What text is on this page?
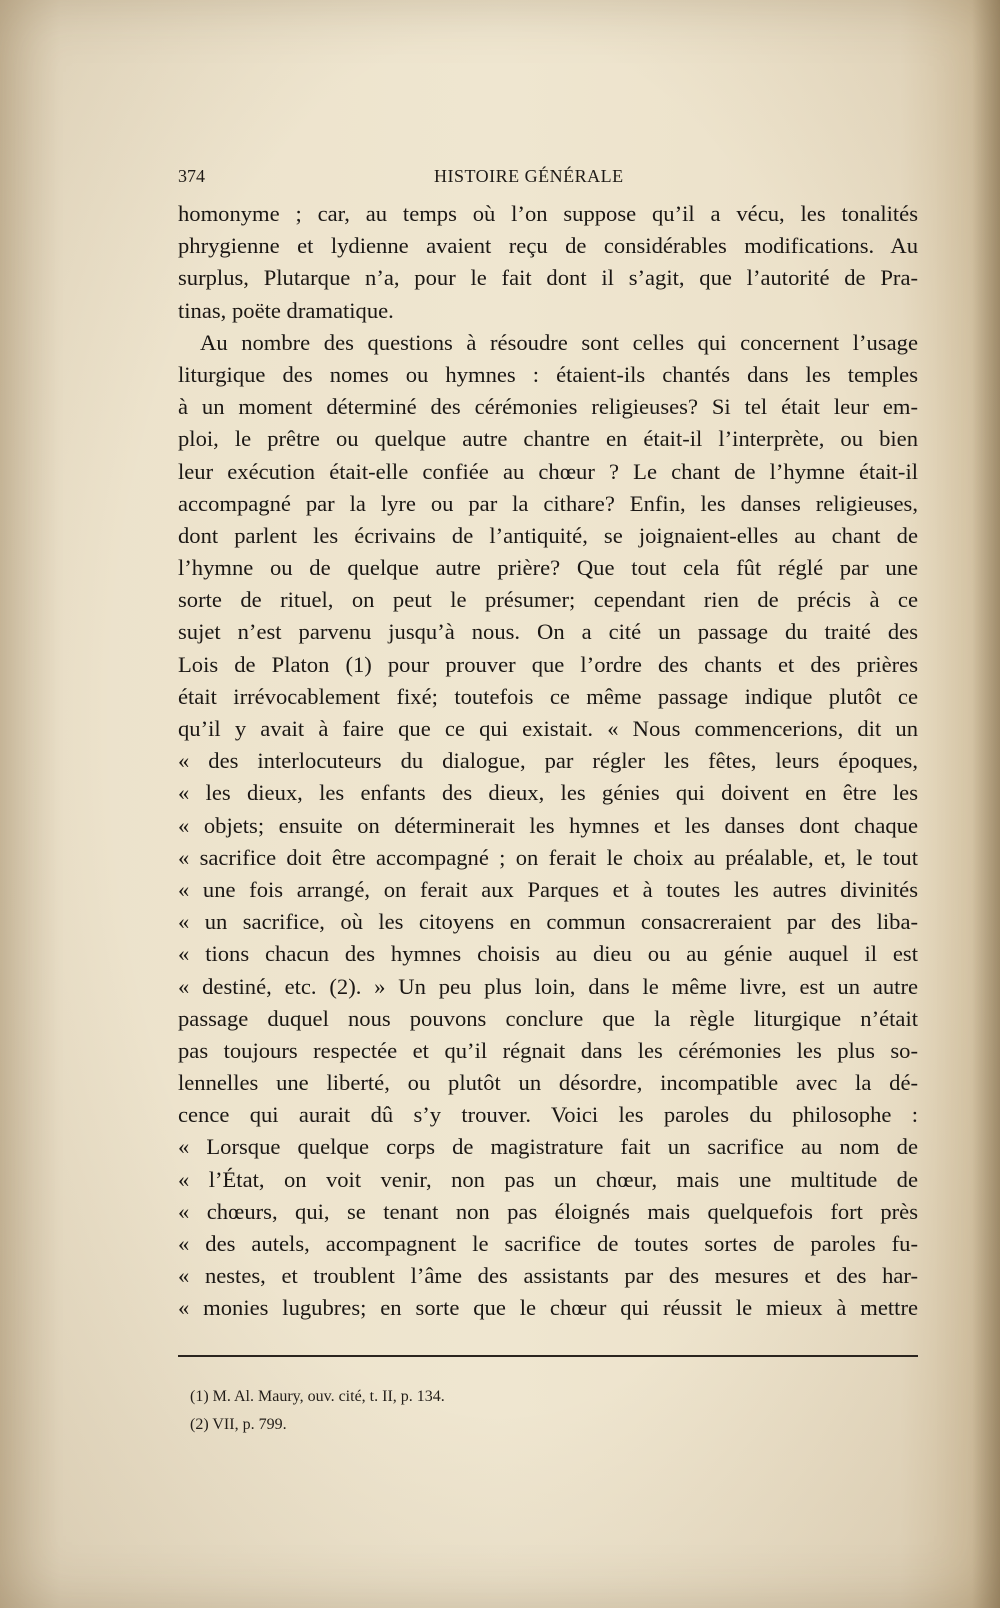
374	HISTOIRE GÉNÉRALE
homonyme ; car, au temps où l’on suppose qu’il a vécu, les tonalités
phrygienne et lydienne avaient reçu de considérables modifications. Au
surplus, Plutarque n’a, pour le fait dont il s’agit, que l’autorité de Pra-
tinas, poëte dramatique.
Au nombre des questions à résoudre sont celles qui concernent l’usage
liturgique des nomes ou hymnes : étaient-ils chantés dans les temples
à un moment déterminé des cérémonies religieuses? Si tel était leur em-
ploi, le prêtre ou quelque autre chantre en était-il l’interprète, ou bien
leur exécution était-elle confiée au chœur ? Le chant de l’hymne était-il
accompagné par la lyre ou par la cithare? Enfin, les danses religieuses,
dont parlent les écrivains de l’antiquité, se joignaient-elles au chant de
l’hymne ou de quelque autre prière? Que tout cela fût réglé par une
sorte de rituel, on peut le présumer; cependant rien de précis à ce
sujet n’est parvenu jusqu’à nous. On a cité un passage du traité des
Lois de Platon (1) pour prouver que l’ordre des chants et des prières
était irrévocablement fixé; toutefois ce même passage indique plutôt ce
qu’il y avait à faire que ce qui existait. « Nous commencerions, dit un
« des interlocuteurs du dialogue, par régler les fêtes, leurs époques,
« les dieux, les enfants des dieux, les génies qui doivent en être les
« objets; ensuite on déterminerait les hymnes et les danses dont chaque
« sacrifice doit être accompagné ; on ferait le choix au préalable, et, le tout
« une fois arrangé, on ferait aux Parques et à toutes les autres divinités
« un sacrifice, où les citoyens en commun consacreraient par des liba-
« tions chacun des hymnes choisis au dieu ou au génie auquel il est
« destiné, etc. (2). » Un peu plus loin, dans le même livre, est un autre
passage duquel nous pouvons conclure que la règle liturgique n’était
pas toujours respectée et qu’il régnait dans les cérémonies les plus so-
lennelles une liberté, ou plutôt un désordre, incompatible avec la dé-
cence qui aurait dû s’y trouver. Voici les paroles du philosophe :
« Lorsque quelque corps de magistrature fait un sacrifice au nom de
« l’État, on voit venir, non pas un chœur, mais une multitude de
« chœurs, qui, se tenant non pas éloignés mais quelquefois fort près
« des autels, accompagnent le sacrifice de toutes sortes de paroles fu-
« nestes, et troublent l’âme des assistants par des mesures et des har-
« monies lugubres; en sorte que le chœur qui réussit le mieux à mettre
(1) M. Al. Maury, ouv. cité, t. II, p. 134.
(2) VII, p. 799.
